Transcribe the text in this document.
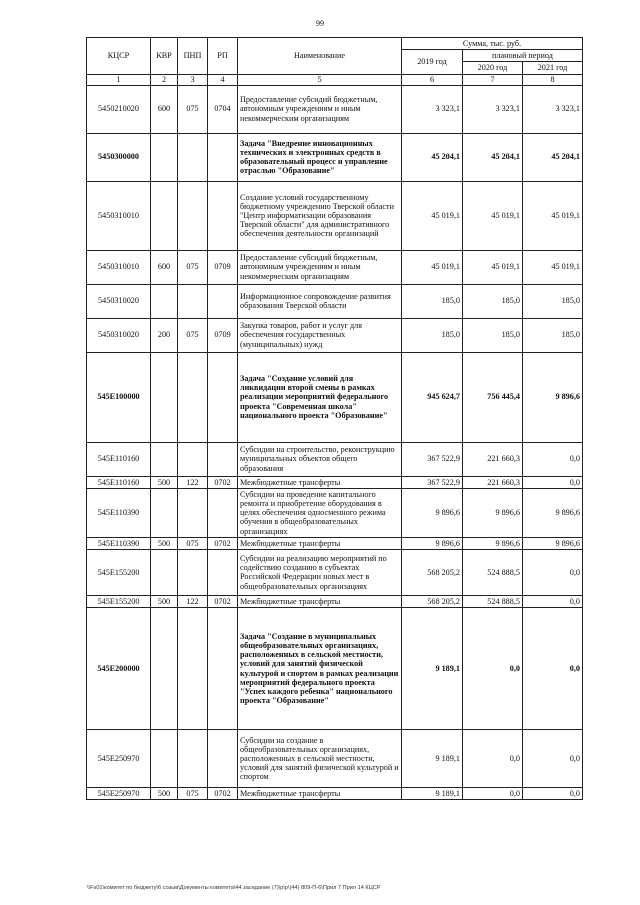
99
КЦСР	КВР	ПНП	РП	Наименование	Сумма, тыс. руб.		
					2019 год	плановый период	
						2020 год	2021 год
1	2	3	4	5	6	7	8
5450210020	600	075	0704	Предоставление субсидий бюджетным, автономным учреждениям и иным некоммерческим организациям	3 323,1	3 323,1	3 323,1
5450300000				Задача "Внедрение инновационных технических и электронных средств в образовательный процесс и управление отраслью "Образование"	45 204,1	45 204,1	45 204,1
5450310010				Создание условий государственному бюджетному учреждению Тверской области "Центр информатизации образования Тверской области" для административного обеспечения деятельности организаций	45 019,1	45 019,1	45 019,1
5450310010	600	075	0709	Предоставление субсидий бюджетным, автономным учреждениям и иным некоммерческим организациям	45 019,1	45 019,1	45 019,1
5450310020				Информационное сопровождение развития образования Тверской области	185,0	185,0	185,0
5450310020	200	075	0709	Закупка товаров, работ и услуг для обеспечения государственных (муниципальных) нужд	185,0	185,0	185,0
545E100000				Задача "Создание условий для ликвидации второй смены в рамках реализации мероприятий федерального проекта "Современная школа" национального проекта "Образование"	945 624,7	756 445,4	9 896,6
545E110160				Субсидии на строительство, реконструкцию муниципальных объектов общего образования	367 522,9	221 660,3	0,0
545E110160	500	122	0702	Межбюджетные трансферты	367 522,9	221 660,3	0,0
545E110390				Субсидии на проведение капитального ремонта и приобретение оборудования в целях обеспечения односменного режима обучения в общеобразовательных организациях	9 896,6	9 896,6	9 896,6
545E110390	500	075	0702	Межбюджетные трансферты	9 896,6	9 896,6	9 896,6
545E155200				Субсидии на реализацию мероприятий по содействию созданию в субъектах Российской Федерации новых мест в общеобразовательных организациях	568 205,2	524 888,5	0,0
545E155200	500	122	0702	Межбюджетные трансферты	568 205,2	524 888,5	0,0
545E200000				Задача "Создание в муниципальных общеобразовательных организациях, расположенных в сельской местности, условий для занятий физической культурой и спортом в рамках реализации мероприятий федерального проекта "Успех каждого ребенка" национального проекта "Образование"	9 189,1	0,0	0,0
545E250970				Субсидии на создание в общеобразовательных организациях, расположенных в сельской местности, условий для занятий физической культурой и спортом	9 189,1	0,0	0,0
545E250970	500	075	0702	Межбюджетные трансферты	9 189,1	0,0	0,0
\\Fs01\комитет по бюджету\6 созыв\Документы комитета\44 заседание (7)\p\р\(44) 809-П-6\Прил 7 Прил 14 КЦСР
